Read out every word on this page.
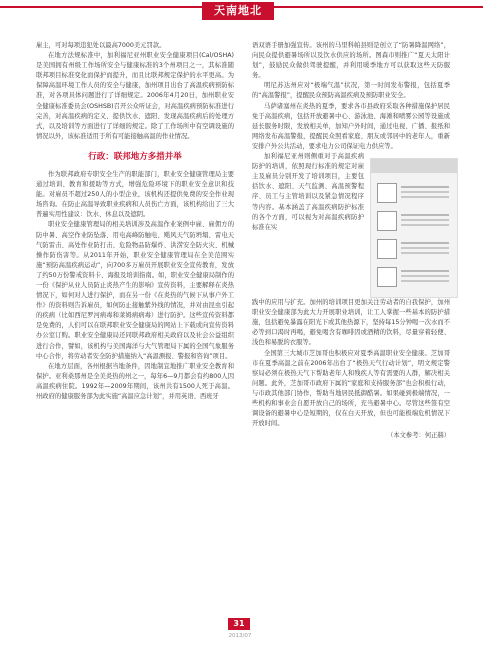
天南地北

雇主，可对每项违犯处以最高7000美元罚款。

在地方法规标准中，加利福尼亚州职业安全健康项目(Cal/OSHA)是美国拥有州级工作场所安全与健康标准的3个州项目之一，其标准随联邦项目标准变化而保护而提升，而且比联邦规定保护的水平更高。为保障高温环境工作人员的安全与健康，加州项目出台了高温疾病预防标准，对各项具体问题进行了详细规定。2006年4月20日，加州职业安全健康标准委员会(OSHSB)召开公众听证会，对高温疾病预防标准进行完善，对高温疾病的定义、提供饮水、遮阳、发现高温疾病后的处理方式，以及培训等方面进行了详细的规定。除了工作场所中有空调设施的情况以外，该标准适用于所有可能接触高温的作业情况。

行政：联邦地方多措并举

作为联邦政府专职安全生产的职能部门，职业安全健康管理局主要通过培训、教育和援助等方式，增强危险环境下的职业安全意识和技能。对雇员不超过250人的小型企业，该机构还提供免费的安全作业现场咨询。在防止高温导致职业疾病和人员伤亡方面，该机构给出了三大普遍实用性建议：饮水、休息以及遮阴。

职业安全健康管理局的相关培训涉及高温作业案例中雇、雇佣方的防中暑、高空作业防坠落、用电高峰防触电、飓风天气防坍塌、雷电天气防雷击、高处作业防打击、危险物品防爆炸、洪涝安全防火灾、机械操作防伤害等。从2011年开始，职业安全健康管理局在全美范围实施“预防高温疾病运动”，向700多万雇员开展职业安全宣传教育，发放了约50万份警戒资料卡、海报及培训指南。如，职业安全健康局制作的一份《保护从业人员防止炎热产生的影响》宣传资料，主要解释在炎热情况下，如何对人进行保护，而在另一份《在炎热的气候下从事户外工作》的资料则告诉雇员，如何防止接触紫外线的情况，并对由昆虫引起的疾病（比如西尼罗河病毒和莱姆病病毒）进行防护。这些宣传资料都是免费的，人们可以在联邦职业安全健康局的网站上下载或向宣传资料办公室订购。职业安全健康局还同联邦政府相关政府以及社会公益组织进行合作，譬如，该机构与美国海洋与大气管理局下属的全国气象服务中心合作，将劳动者安全防护措施纳入“高温测报、警报和咨询”项目。

在地方层面，各州根据当地条件，因地制宜地推广职业安全教育和保护。亚利桑那州是全美炎热的州之一，每年6—9月都会有约800人因高温疾病住院。1992年—2009年期间，该州共有1500人死于高温。州政府的健康服务部为此实施“高温应急计划”，并用英语、西班牙

语双语手册加强宣传。该州的马里科帕县则是创立了“防暑降温网络”，向民众提供避暑场所以及饮水供应的场所。图森市则推广“夏天太阳计划”，鼓励民众做供驾驶提醒，并利用暖季地方可以获取这些天防服务。

明尼苏达州应对“极端气温”状况，第一时间发布警报，包括夏季的“高温警报”，提醒民众预防高温疾病及预防职业安全。

马萨诸塞州在炎热的夏季，要求各市县政府采取各种措施保护居民免于高温疾病，包括开放避暑中心、游泳池、海滩和喷雾公园等设施或延长服务时限，发放相关单，加知户外时间，通过电视、广播、报纸和网络发布高温警报，提醒民众照看家庭、朋友或邻居中的老年人，重新安排户外公共活动，要求电力公司保证电力供应等。

加利福尼亚州则侧重对于高温疾病防护的培训，依照现行标准的规定对雇主及雇员分别开发了培训项目，主要包括饮水、遮阳、天气监测、高温预警程序、员工与主管培训以及紧急情况程序等内容。基本涵盖了高温疾病防护标准的各个方面，可以视为对高温疾病防护标准在实

践中的应用与扩充。加州的培训项目更加关注劳动者的自我保护，加州职业安全健康部为此大力开展职业培训，让工人掌握一些基本的防护措施，包括避免暴露在阳光下或其他热源下，坚持每15分钟喝一次水而不必等到口渴时再喝，避免喝含有咖啡因或酒精的饮料，尽量穿着轻便、浅色和易脱的衣服等。

全国第三大城市芝加哥也积极应对夏季高温职业安全健康。芝加哥市在夏季高温之前在2006年出台了“极热天气行动计划”，明文规定警察局必须在极热天气下帮助老年人和残疾人等有需要的人群，解决相关问题。此外，芝加哥市政府下属的“家庭和支持服务部”也会积极行动，与市政其他部门协作，帮助当地居民抵御酷暑。如果碰到极端情况，一些机构和事业会自愿开放自己的场所，充当避暑中心。尽管这些签有空调设备的避暑中心是短期的，仅在白天开放，但也可能极端危机情况下开放时间。

（本文参考：何正赫）
31
2013/07
